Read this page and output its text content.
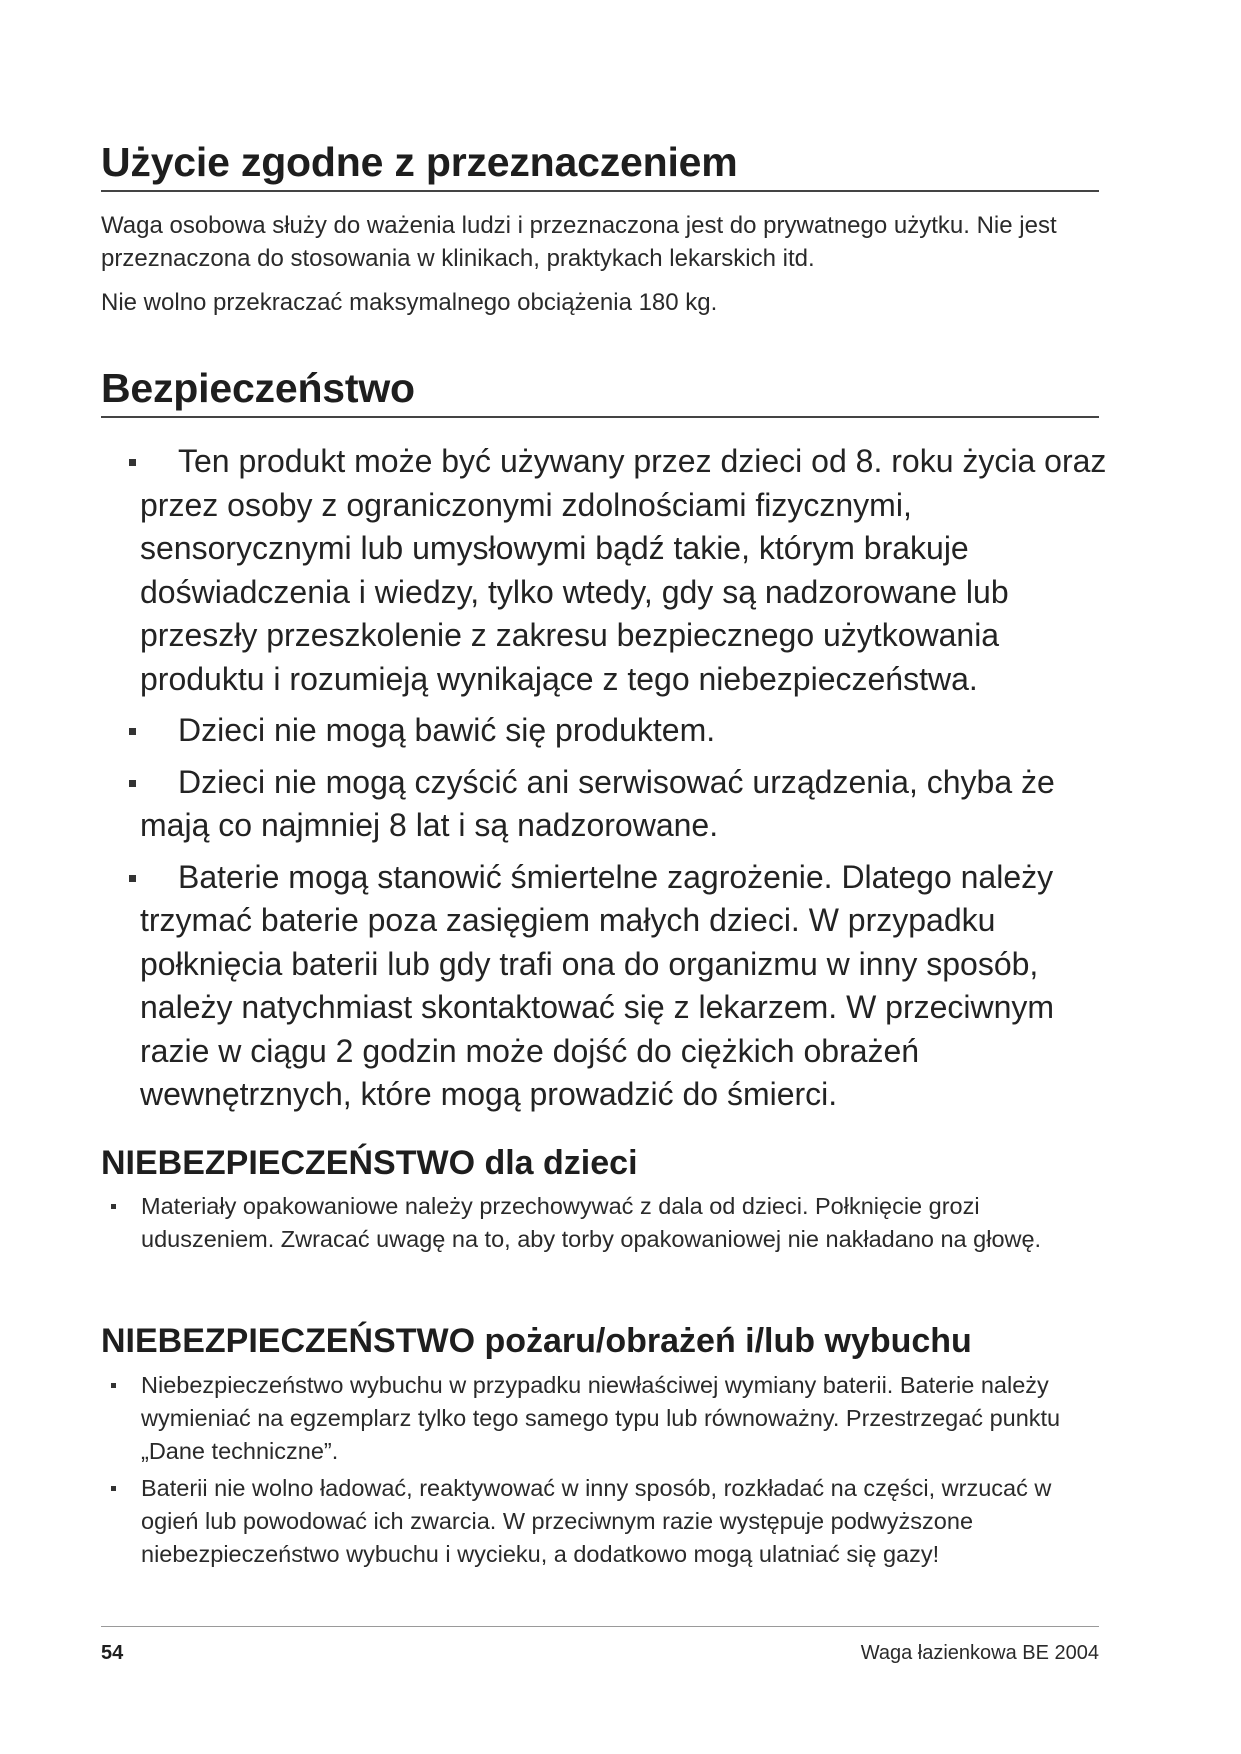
Użycie zgodne z przeznaczeniem

Waga osobowa służy do ważenia ludzi i przeznaczona jest do prywatnego użytku. Nie jest przeznaczona do stosowania w klinikach, praktykach lekarskich itd.

Nie wolno przekraczać maksymalnego obciążenia 180 kg.

Bezpieczeństwo
Ten produkt może być używany przez dzieci od 8. roku życia oraz przez osoby z ograniczonymi zdolnościami fizycznymi, sensorycznymi lub umysłowymi bądź takie, którym brakuje doświadczenia i wiedzy, tylko wtedy, gdy są nadzorowane lub przeszły przeszkolenie z zakresu bezpiecznego użytkowania produktu i rozumieją wynikające z tego niebezpieczeństwa.
Dzieci nie mogą bawić się produktem.
Dzieci nie mogą czyścić ani serwisować urządzenia, chyba że mają co najmniej 8 lat i są nadzorowane.
Baterie mogą stanowić śmiertelne zagrożenie. Dlatego należy trzymać baterie poza zasięgiem małych dzieci. W przypadku połknięcia baterii lub gdy trafi ona do organizmu w inny sposób, należy natychmiast skontaktować się z lekarzem. W przeciwnym razie w ciągu 2 godzin może dojść do ciężkich obrażeń wewnętrznych, które mogą prowadzić do śmierci.
NIEBEZPIECZEŃSTWO dla dzieci
Materiały opakowaniowe należy przechowywać z dala od dzieci. Połknięcie grozi uduszeniem. Zwracać uwagę na to, aby torby opakowaniowej nie nakładano na głowę.
NIEBEZPIECZEŃSTWO pożaru/obrażeń i/lub wybuchu
Niebezpieczeństwo wybuchu w przypadku niewłaściwej wymiany baterii. Baterie należy wymieniać na egzemplarz tylko tego samego typu lub równoważny. Przestrzegać punktu „Dane techniczne”.
Baterii nie wolno ładować, reaktywować w inny sposób, rozkładać na części, wrzucać w ogień lub powodować ich zwarcia. W przeciwnym razie występuje podwyższone niebezpieczeństwo wybuchu i wycieku, a dodatkowo mogą ulatniać się gazy!
54	Waga łazienkowa BE 2004
